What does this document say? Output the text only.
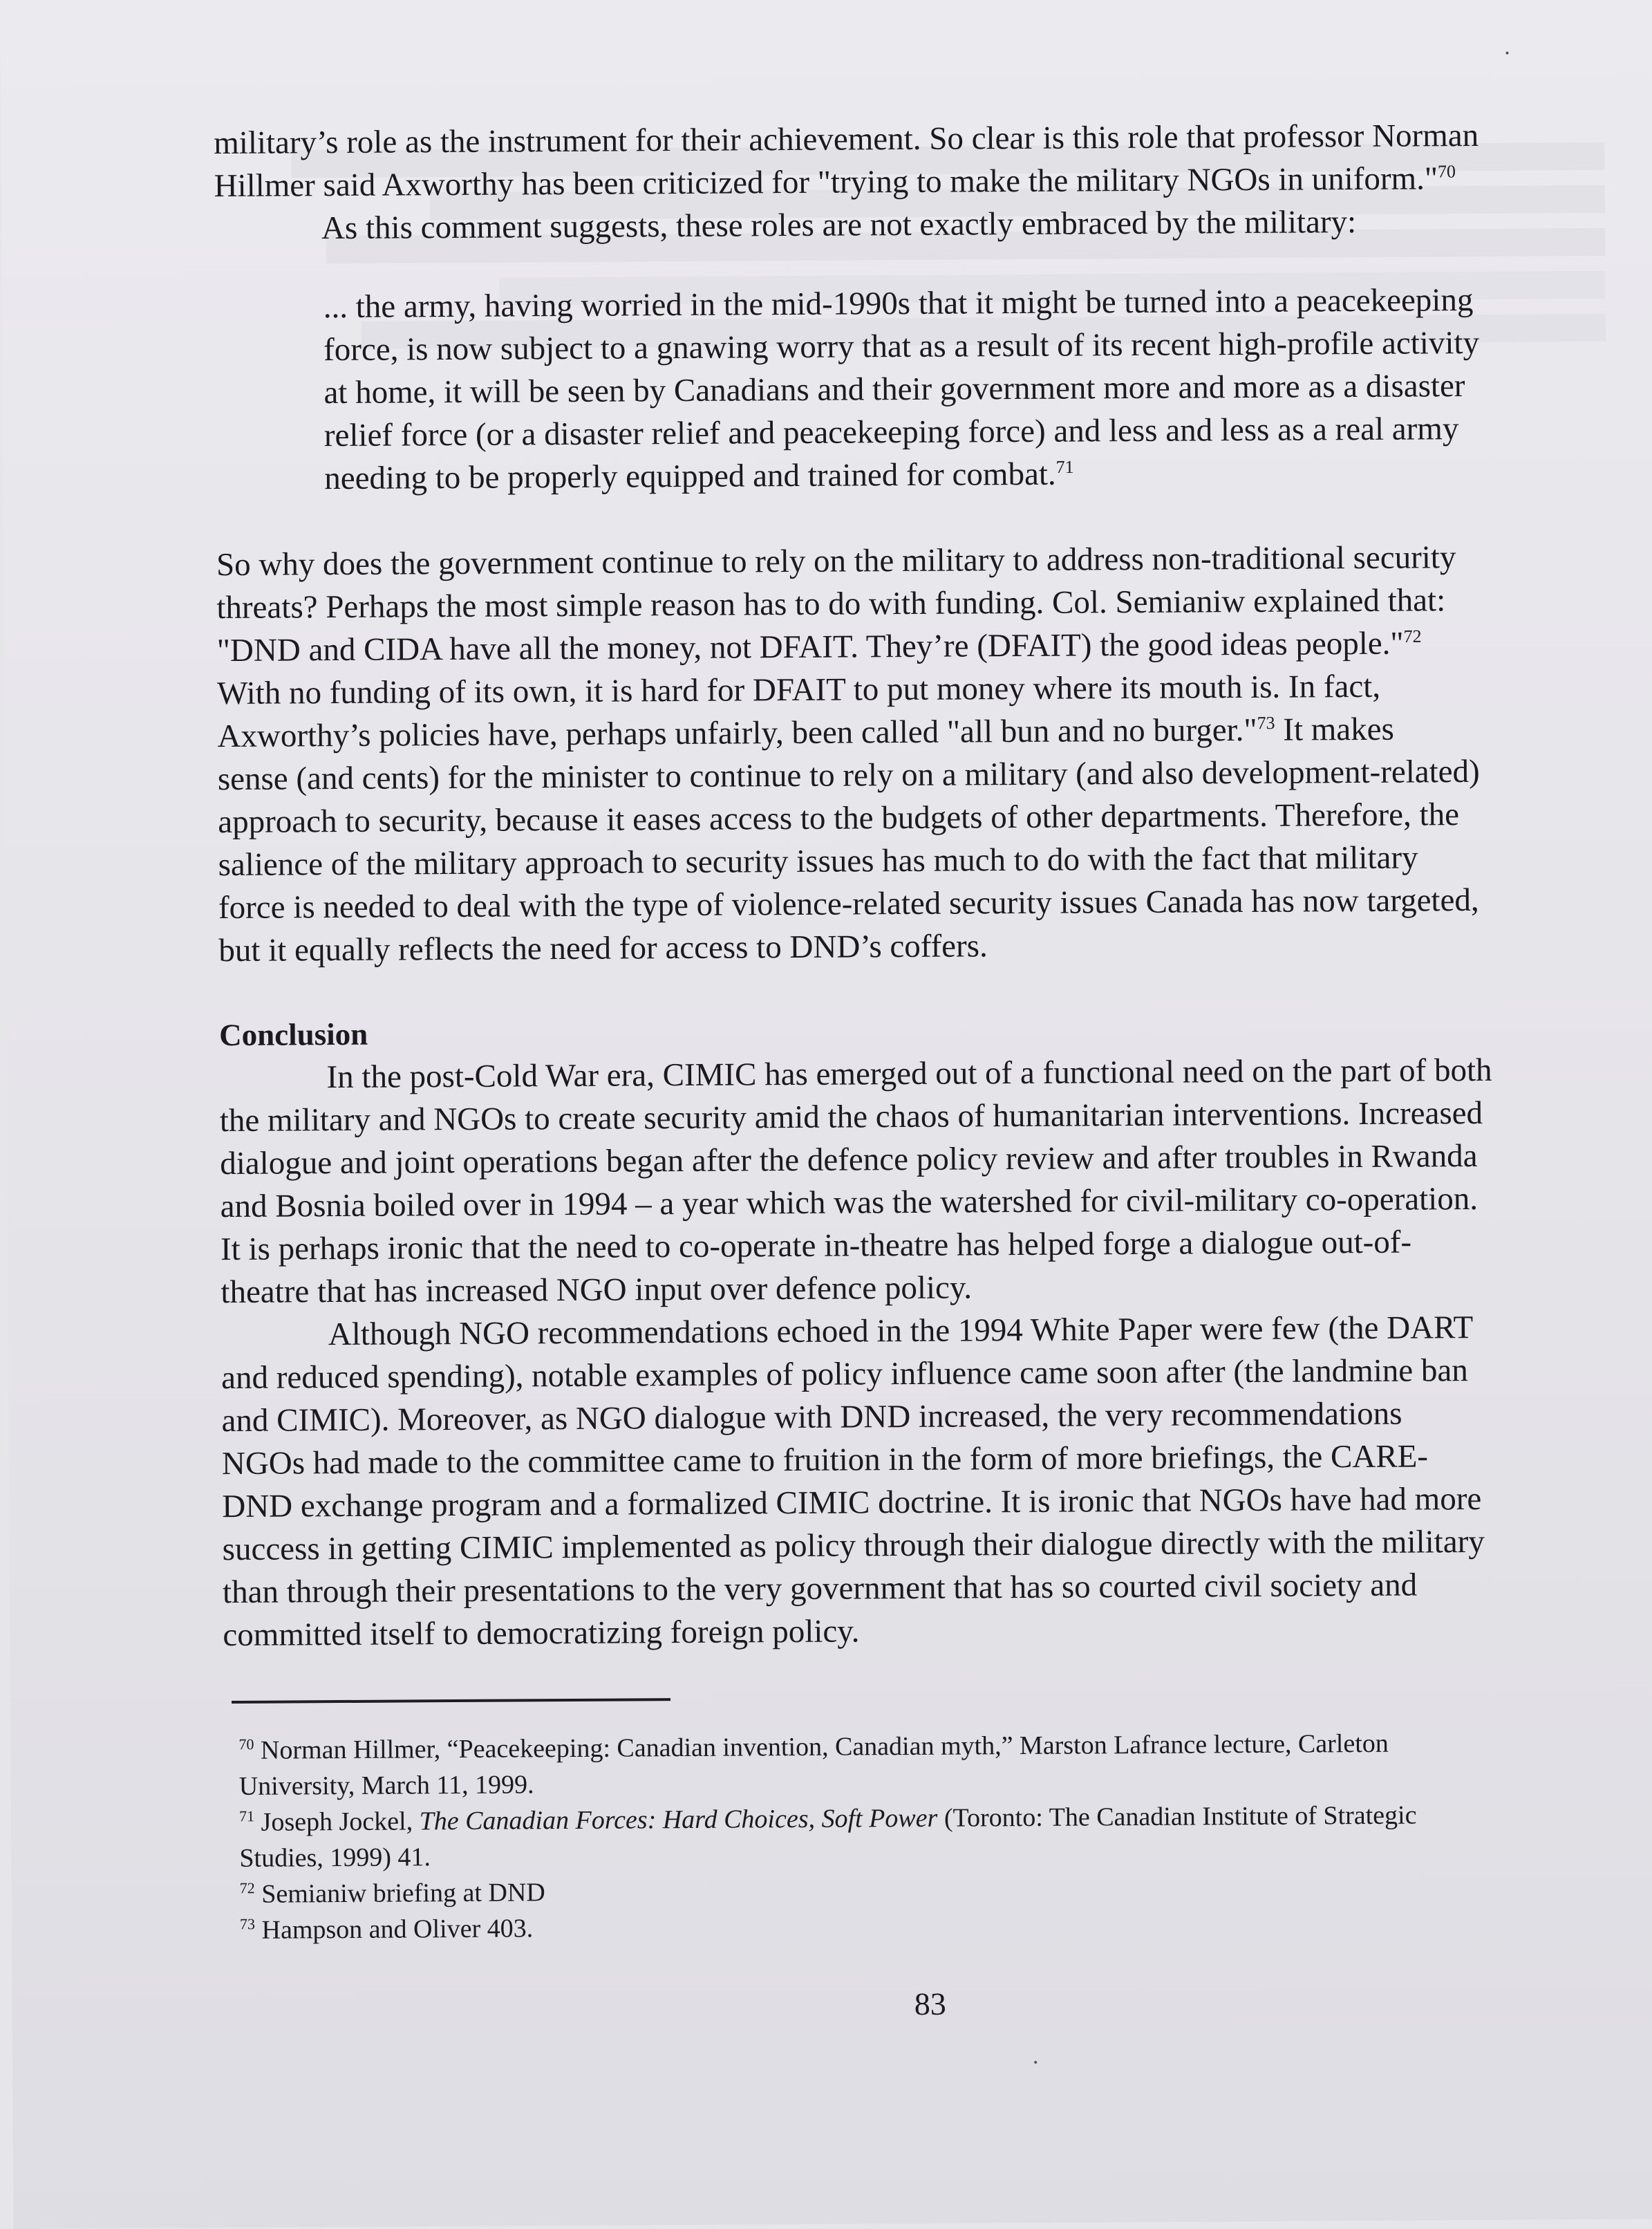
military’s role as the instrument for their achievement. So clear is this role that professor Norman
Hillmer said Axworthy has been criticized for "trying to make the military NGOs in uniform."$^{70}$
As this comment suggests, these roles are not exactly embraced by the military:
... the army, having worried in the mid-1990s that it might be turned into a peacekeeping
force, is now subject to a gnawing worry that as a result of its recent high-profile activity
at home, it will be seen by Canadians and their government more and more as a disaster
relief force (or a disaster relief and peacekeeping force) and less and less as a real army
needing to be properly equipped and trained for combat.$^{71}$
So why does the government continue to rely on the military to address non-traditional security
threats? Perhaps the most simple reason has to do with funding. Col. Semianiw explained that:
"DND and CIDA have all the money, not DFAIT. They’re (DFAIT) the good ideas people."$^{72}$
With no funding of its own, it is hard for DFAIT to put money where its mouth is. In fact,
Axworthy’s policies have, perhaps unfairly, been called "all bun and no burger."$^{73}$ It makes
sense (and cents) for the minister to continue to rely on a military (and also development-related)
approach to security, because it eases access to the budgets of other departments. Therefore, the
salience of the military approach to security issues has much to do with the fact that military
force is needed to deal with the type of violence-related security issues Canada has now targeted,
but it equally reflects the need for access to DND’s coffers.
Conclusion
In the post-Cold War era, CIMIC has emerged out of a functional need on the part of both
the military and NGOs to create security amid the chaos of humanitarian interventions. Increased
dialogue and joint operations began after the defence policy review and after troubles in Rwanda
and Bosnia boiled over in 1994 – a year which was the watershed for civil-military co-operation.
It is perhaps ironic that the need to co-operate in-theatre has helped forge a dialogue out-of-
theatre that has increased NGO input over defence policy.
Although NGO recommendations echoed in the 1994 White Paper were few (the DART
and reduced spending), notable examples of policy influence came soon after (the landmine ban
and CIMIC). Moreover, as NGO dialogue with DND increased, the very recommendations
NGOs had made to the committee came to fruition in the form of more briefings, the CARE-
DND exchange program and a formalized CIMIC doctrine. It is ironic that NGOs have had more
success in getting CIMIC implemented as policy through their dialogue directly with the military
than through their presentations to the very government that has so courted civil society and
committed itself to democratizing foreign policy.
$^{70}$ Norman Hillmer, “Peacekeeping: Canadian invention, Canadian myth,” Marston Lafrance lecture, Carleton
University, March 11, 1999.
$^{71}$ Joseph Jockel, The Canadian Forces: Hard Choices, Soft Power (Toronto: The Canadian Institute of Strategic
Studies, 1999) 41.
$^{72}$ Semianiw briefing at DND
$^{73}$ Hampson and Oliver 403.
83
